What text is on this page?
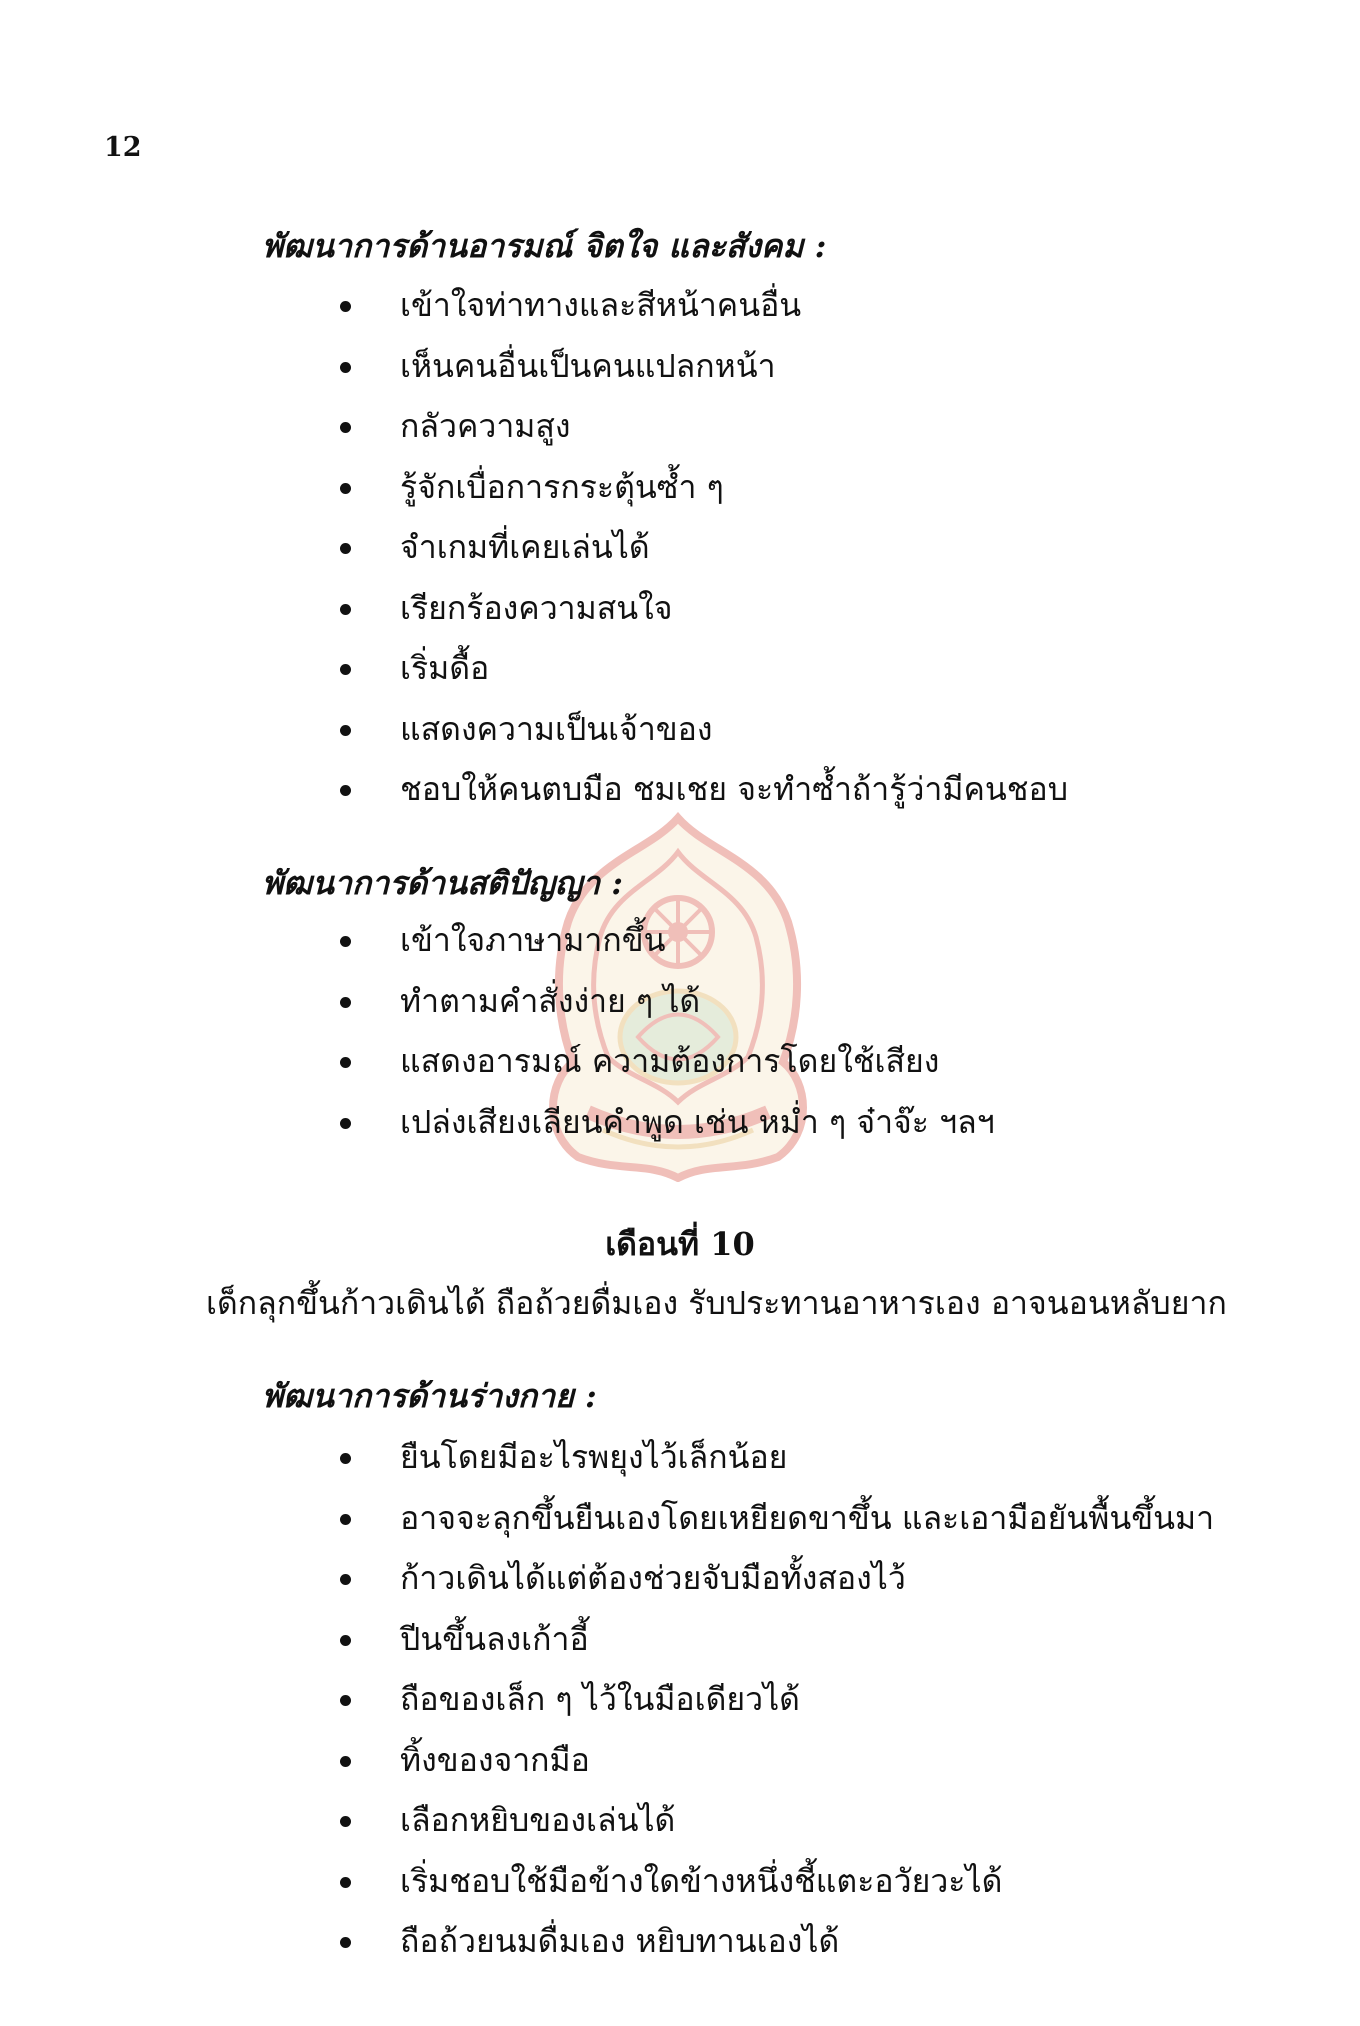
12
พัฒนาการด้านอารมณ์ จิตใจ และสังคม :
เข้าใจท่าทางและสีหน้าคนอื่น
เห็นคนอื่นเป็นคนแปลกหน้า
กลัวความสูง
รู้จักเบื่อการกระตุ้นซ้ำ ๆ
จำเกมที่เคยเล่นได้
เรียกร้องความสนใจ
เริ่มดื้อ
แสดงความเป็นเจ้าของ
ชอบให้คนตบมือ ชมเชย จะทำซ้ำถ้ารู้ว่ามีคนชอบ
พัฒนาการด้านสติปัญญา :
เข้าใจภาษามากขึ้น
ทำตามคำสั่งง่าย ๆ ได้
แสดงอารมณ์ ความต้องการโดยใช้เสียง
เปล่งเสียงเลียนคำพูด เช่น หม่ำ ๆ จ๋าจ๊ะ ฯลฯ
เดือนที่ 10
เด็กลุกขึ้นก้าวเดินได้ ถือถ้วยดื่มเอง รับประทานอาหารเอง อาจนอนหลับยาก
พัฒนาการด้านร่างกาย :
ยืนโดยมีอะไรพยุงไว้เล็กน้อย
อาจจะลุกขึ้นยืนเองโดยเหยียดขาขึ้น และเอามือยันพื้นขึ้นมา
ก้าวเดินได้แต่ต้องช่วยจับมือทั้งสองไว้
ปีนขึ้นลงเก้าอี้
ถือของเล็ก ๆ ไว้ในมือเดียวได้
ทิ้งของจากมือ
เลือกหยิบของเล่นได้
เริ่มชอบใช้มือข้างใดข้างหนึ่งชี้แตะอวัยวะได้
ถือถ้วยนมดื่มเอง หยิบทานเองได้
